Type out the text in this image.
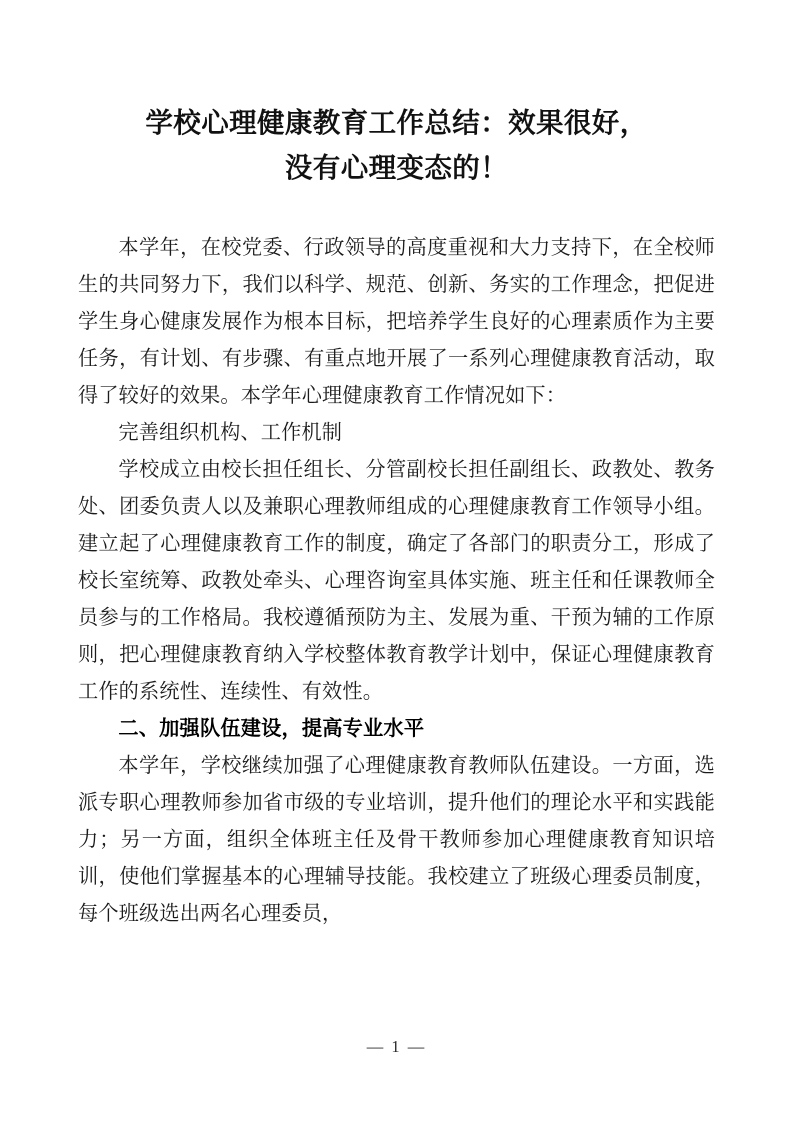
学校心理健康教育工作总结：效果很好，
没有心理变态的！

本学年，在校党委、行政领导的高度重视和大力支持下，在全校师生的共同努力下，我们以科学、规范、创新、务实的工作理念，把促进学生身心健康发展作为根本目标，把培养学生良好的心理素质作为主要任务，有计划、有步骤、有重点地开展了一系列心理健康教育活动，取得了较好的效果。本学年心理健康教育工作情况如下：

完善组织机构、工作机制

学校成立由校长担任组长、分管副校长担任副组长、政教处、教务处、团委负责人以及兼职心理教师组成的心理健康教育工作领导小组。建立起了心理健康教育工作的制度，确定了各部门的职责分工，形成了校长室统筹、政教处牵头、心理咨询室具体实施、班主任和任课教师全员参与的工作格局。我校遵循预防为主、发展为重、干预为辅的工作原则，把心理健康教育纳入学校整体教育教学计划中，保证心理健康教育工作的系统性、连续性、有效性。

二、加强队伍建设，提高专业水平

本学年，学校继续加强了心理健康教育教师队伍建设。一方面，选派专职心理教师参加省市级的专业培训，提升他们的理论水平和实践能力；另一方面，组织全体班主任及骨干教师参加心理健康教育知识培训，使他们掌握基本的心理辅导技能。我校建立了班级心理委员制度，每个班级选出两名心理委员，

— 1 —
